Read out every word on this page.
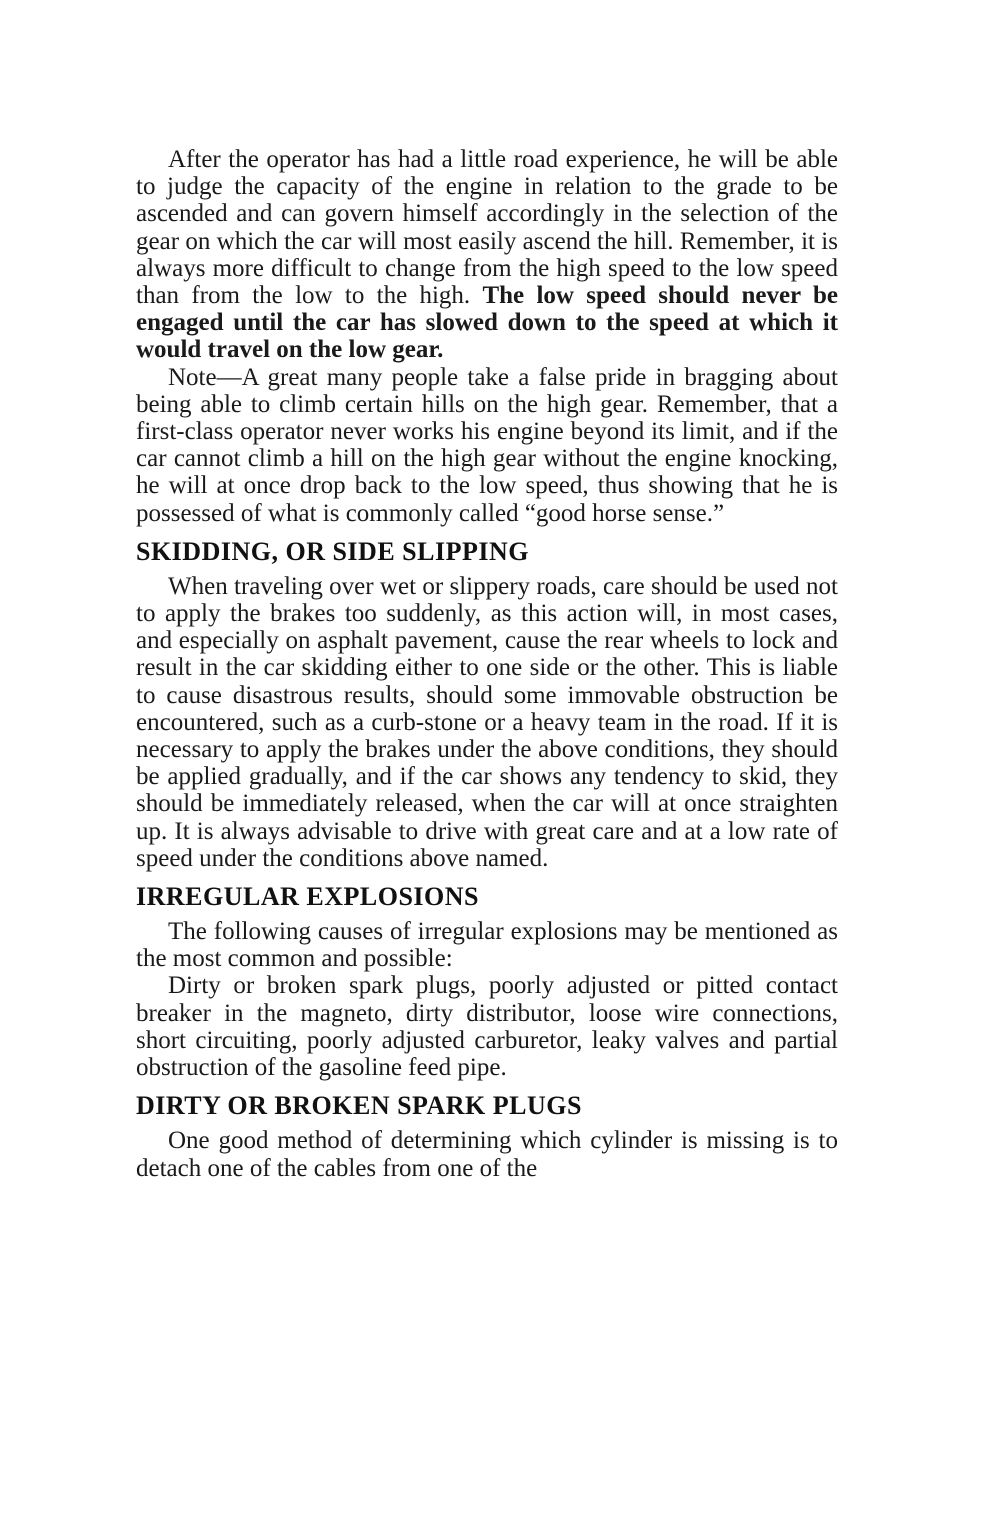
After the operator has had a little road experience, he will be able to judge the capacity of the engine in relation to the grade to be ascended and can govern himself accordingly in the selection of the gear on which the car will most easily ascend the hill. Remember, it is always more difficult to change from the high speed to the low speed than from the low to the high. The low speed should never be engaged until the car has slowed down to the speed at which it would travel on the low gear.

Note—A great many people take a false pride in bragging about being able to climb certain hills on the high gear. Remember, that a first-class operator never works his engine beyond its limit, and if the car cannot climb a hill on the high gear without the engine knocking, he will at once drop back to the low speed, thus showing that he is possessed of what is commonly called “good horse sense.”

SKIDDING, OR SIDE SLIPPING

When traveling over wet or slippery roads, care should be used not to apply the brakes too suddenly, as this action will, in most cases, and especially on asphalt pavement, cause the rear wheels to lock and result in the car skidding either to one side or the other. This is liable to cause disastrous results, should some immovable obstruction be encountered, such as a curb-stone or a heavy team in the road. If it is necessary to apply the brakes under the above conditions, they should be applied gradually, and if the car shows any tendency to skid, they should be immediately released, when the car will at once straighten up. It is always advisable to drive with great care and at a low rate of speed under the conditions above named.

IRREGULAR EXPLOSIONS

The following causes of irregular explosions may be mentioned as the most common and possible:

Dirty or broken spark plugs, poorly adjusted or pitted contact breaker in the magneto, dirty distributor, loose wire connections, short circuiting, poorly adjusted carburetor, leaky valves and partial obstruction of the gasoline feed pipe.

DIRTY OR BROKEN SPARK PLUGS

One good method of determining which cylinder is missing is to detach one of the cables from one of the
